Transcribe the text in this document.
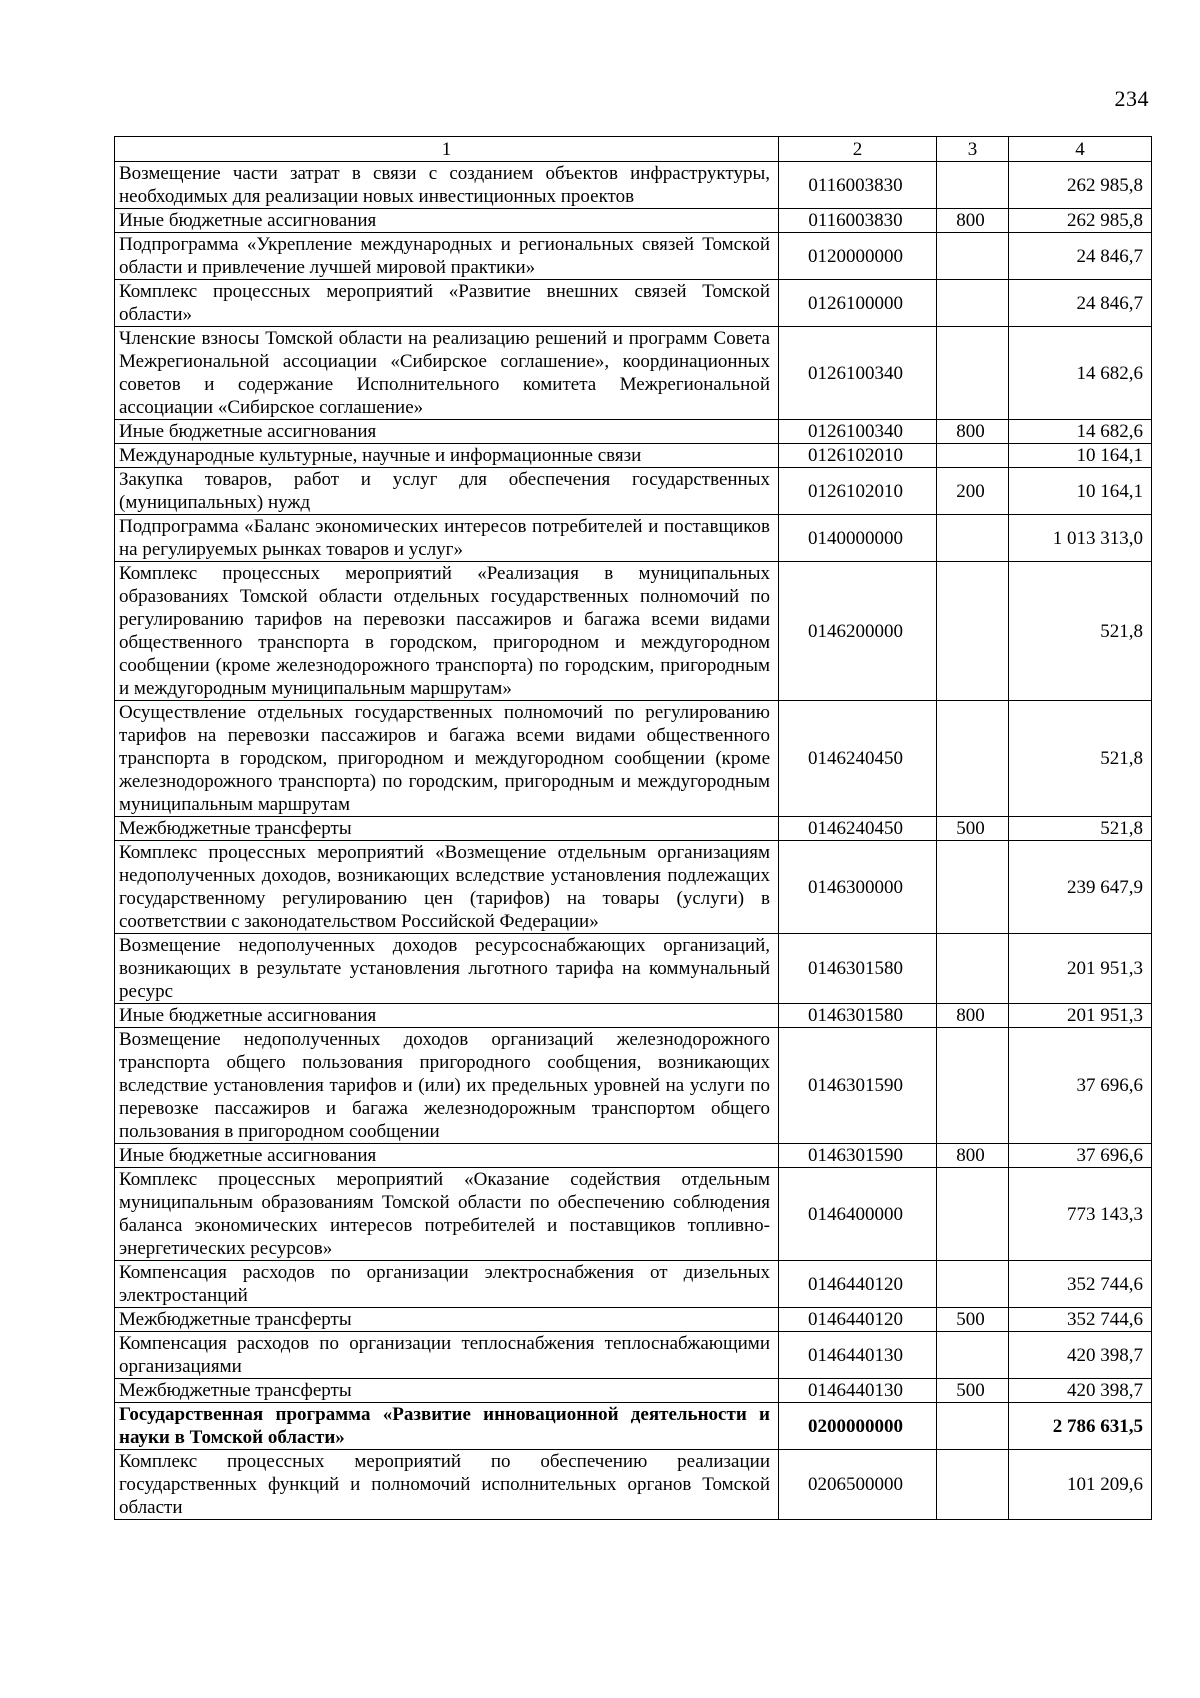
234
1	2	3	4
Возмещение части затрат в связи с созданием объектов инфраструктуры, необходимых для реализации новых инвестиционных проектов	0116003830		262 985,8
Иные бюджетные ассигнования	0116003830	800	262 985,8
Подпрограмма «Укрепление международных и региональных связей Томской области и привлечение лучшей мировой практики»	0120000000		24 846,7
Комплекс процессных мероприятий «Развитие внешних связей Томской области»	0126100000		24 846,7
Членские взносы Томской области на реализацию решений и программ Совета Межрегиональной ассоциации «Сибирское соглашение», координационных советов и содержание Исполнительного комитета Межрегиональной ассоциации «Сибирское соглашение»	0126100340		14 682,6
Иные бюджетные ассигнования	0126100340	800	14 682,6
Международные культурные, научные и информационные связи	0126102010		10 164,1
Закупка товаров, работ и услуг для обеспечения государственных (муниципальных) нужд	0126102010	200	10 164,1
Подпрограмма «Баланс экономических интересов потребителей и поставщиков на регулируемых рынках товаров и услуг»	0140000000		1 013 313,0
Комплекс процессных мероприятий «Реализация в муниципальных образованиях Томской области отдельных государственных полномочий по регулированию тарифов на перевозки пассажиров и багажа всеми видами общественного транспорта в городском, пригородном и междугородном сообщении (кроме железнодорожного транспорта) по городским, пригородным и междугородным муниципальным маршрутам»	0146200000		521,8
Осуществление отдельных государственных полномочий по регулированию тарифов на перевозки пассажиров и багажа всеми видами общественного транспорта в городском, пригородном и междугородном сообщении (кроме железнодорожного транспорта) по городским, пригородным и междугородным муниципальным маршрутам	0146240450		521,8
Межбюджетные трансферты	0146240450	500	521,8
Комплекс процессных мероприятий «Возмещение отдельным организациям недополученных доходов, возникающих вследствие установления подлежащих государственному регулированию цен (тарифов) на товары (услуги) в соответствии с законодательством Российской Федерации»	0146300000		239 647,9
Возмещение недополученных доходов ресурсоснабжающих организаций, возникающих в результате установления льготного тарифа на коммунальный ресурс	0146301580		201 951,3
Иные бюджетные ассигнования	0146301580	800	201 951,3
Возмещение недополученных доходов организаций железнодорожного транспорта общего пользования пригородного сообщения, возникающих вследствие установления тарифов и (или) их предельных уровней на услуги по перевозке пассажиров и багажа железнодорожным транспортом общего пользования в пригородном сообщении	0146301590		37 696,6
Иные бюджетные ассигнования	0146301590	800	37 696,6
Комплекс процессных мероприятий «Оказание содействия отдельным муниципальным образованиям Томской области по обеспечению соблюдения баланса экономических интересов потребителей и поставщиков топливно-энергетических ресурсов»	0146400000		773 143,3
Компенсация расходов по организации электроснабжения от дизельных электростанций	0146440120		352 744,6
Межбюджетные трансферты	0146440120	500	352 744,6
Компенсация расходов по организации теплоснабжения теплоснабжающими организациями	0146440130		420 398,7
Межбюджетные трансферты	0146440130	500	420 398,7
Государственная программа «Развитие инновационной деятельности и науки в Томской области»	0200000000		2 786 631,5
Комплекс процессных мероприятий по обеспечению реализации государственных функций и полномочий исполнительных органов Томской области	0206500000		101 209,6
